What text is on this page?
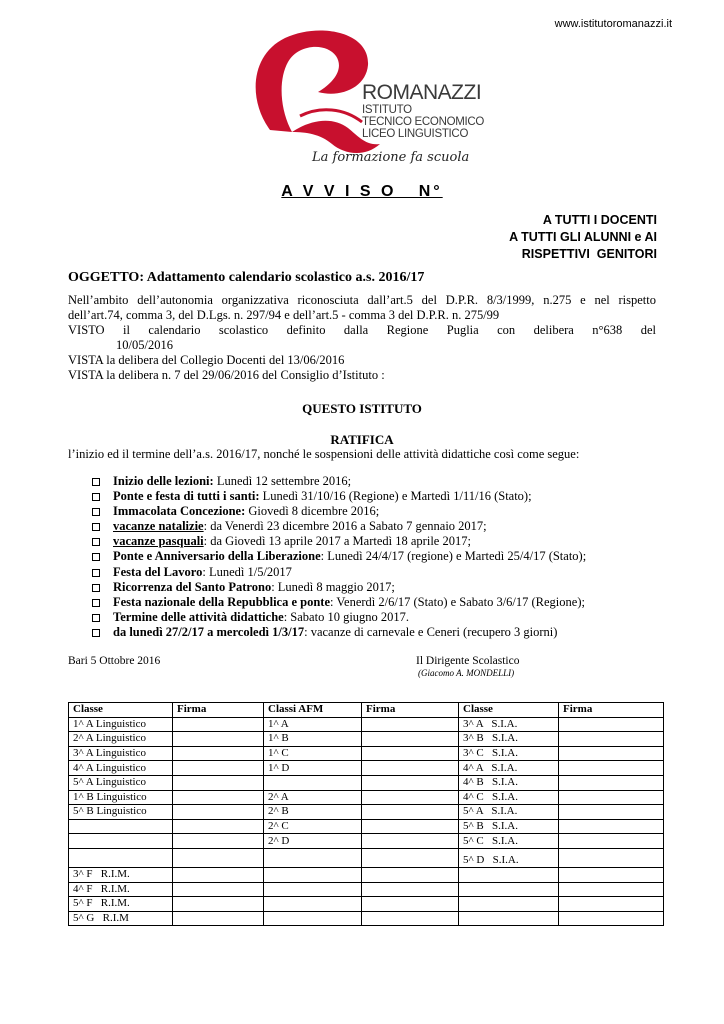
www.istitutoromanazzi.it
ROMANAZZI
ISTITUTO
TECNICO ECONOMICO
LICEO LINGUISTICO
La formazione fa scuola
A V V I S O   N°
A TUTTI I DOCENTI
A TUTTI GLI ALUNNI e AI
RISPETTIVI  GENITORI
OGGETTO: Adattamento calendario scolastico a.s. 2016/17

Nell’ambito dell’autonomia organizzativa riconosciuta dall’art.5 del D.P.R. 8/3/1999, n.275 e nel rispetto

dell’art.74, comma 3, del D.Lgs. n. 297/94 e dell’art.5 - comma 3 del D.P.R. n. 275/99

VISTO il calendario scolastico definito dalla Regione Puglia con delibera n°638 del

10/05/2016

VISTA la delibera del Collegio Docenti del 13/06/2016

VISTA la delibera n. 7 del 29/06/2016 del Consiglio d’Istituto :

QUESTO ISTITUTO
RATIFICA
l’inizio ed il termine dell’a.s. 2016/17, nonché le sospensioni delle attività didattiche così come segue:
Inizio delle lezioni: Lunedì 12 settembre 2016;
Ponte e festa di tutti i santi: Lunedì 31/10/16 (Regione) e Martedì 1/11/16 (Stato);
Immacolata Concezione: Giovedì 8 dicembre 2016;
vacanze natalizie: da Venerdì 23 dicembre 2016 a Sabato 7 gennaio 2017;
vacanze pasquali: da Giovedì 13 aprile 2017 a Martedì 18 aprile 2017;
Ponte e Anniversario della Liberazione: Lunedì 24/4/17 (regione) e Martedì 25/4/17 (Stato);
Festa del Lavoro: Lunedì 1/5/2017
Ricorrenza del Santo Patrono: Lunedì 8 maggio 2017;
Festa nazionale della Repubblica e ponte: Venerdì 2/6/17 (Stato) e Sabato 3/6/17 (Regione);
Termine delle attività didattiche: Sabato 10 giugno 2017.
da lunedì 27/2/17 a mercoledì 1/3/17: vacanze di carnevale e Ceneri (recupero 3 giorni)
Bari 5 Ottobre 2016	Il Dirigente Scolastico
(Giacomo A. MONDELLI)
Classe	Firma	Classi AFM	Firma	Classe	Firma
1^ A Linguistico		1^ A		3^ A   S.I.A.	
2^ A Linguistico		1^ B		3^ B   S.I.A.	
3^ A Linguistico		1^ C		3^ C   S.I.A.	
4^ A Linguistico		1^ D		4^ A   S.I.A.	
5^ A Linguistico				4^ B   S.I.A.	
1^ B Linguistico		2^ A		4^ C   S.I.A.	
5^ B Linguistico		2^ B		5^ A   S.I.A.	
		2^ C		5^ B   S.I.A.	
		2^ D		5^ C   S.I.A.	
				5^ D   S.I.A.	
3^ F   R.I.M.					
4^ F   R.I.M.					
5^ F   R.I.M.					
5^ G   R.I.M					
